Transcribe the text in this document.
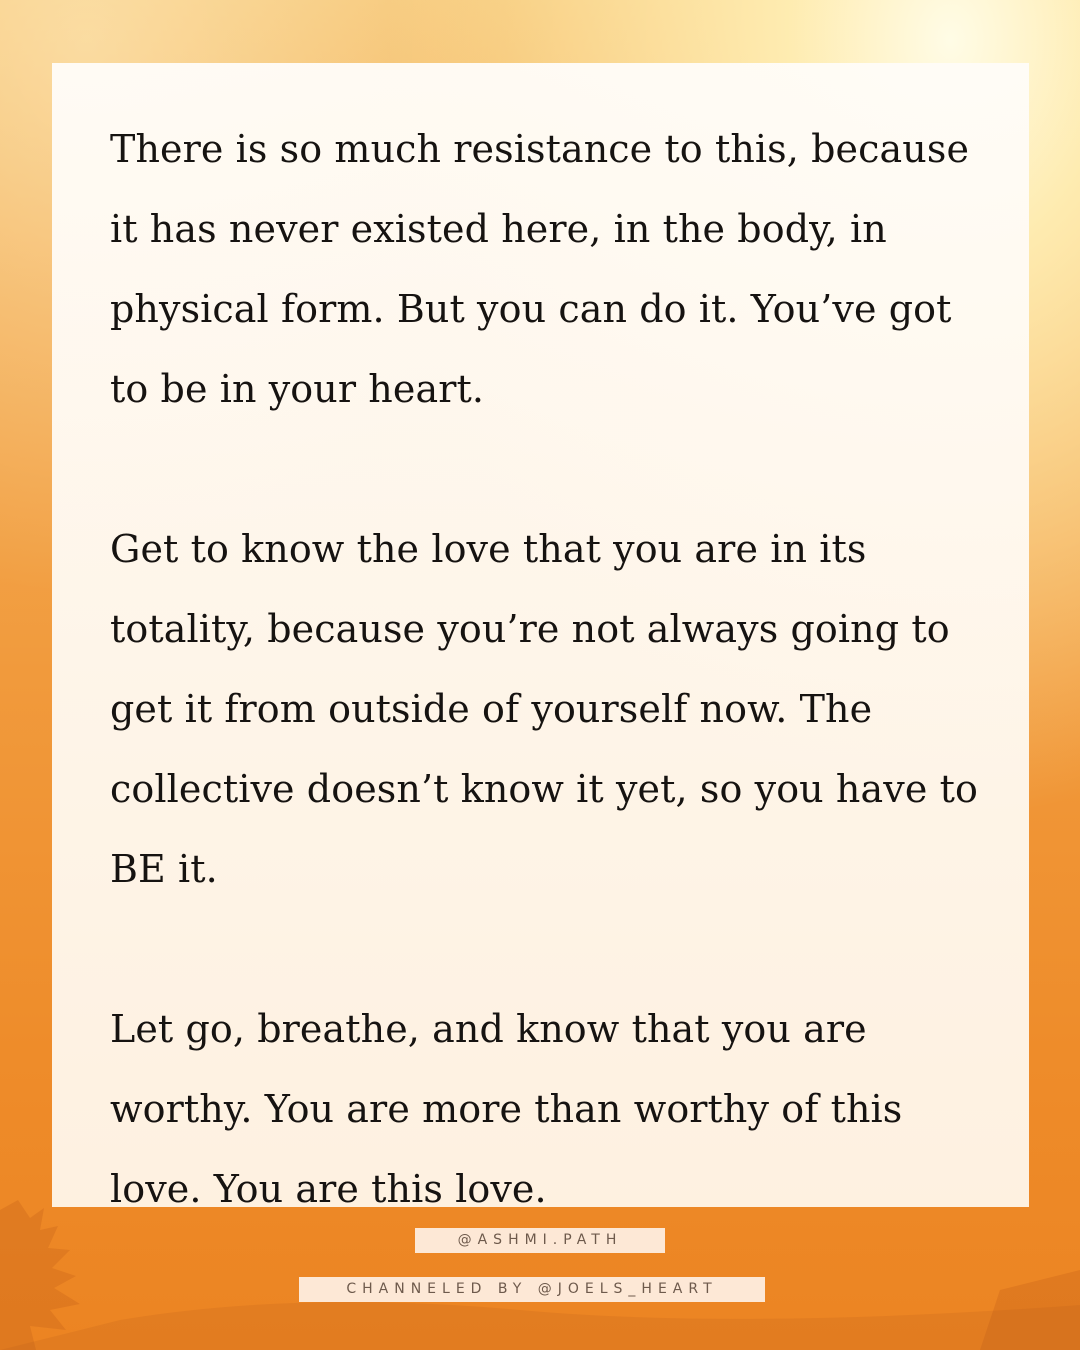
There is so much resistance to this, because it has never existed here, in the body, in physical form. But you can do it. You’ve got to be in your heart.

Get to know the love that you are in its totality, because you’re not always going to get it from outside of yourself now. The collective doesn’t know it yet, so you have to BE it.

Let go, breathe, and know that you are worthy. You are more than worthy of this love. You are this love.

@ASHMI.PATH
CHANNELED BY @JOELS_HEART
